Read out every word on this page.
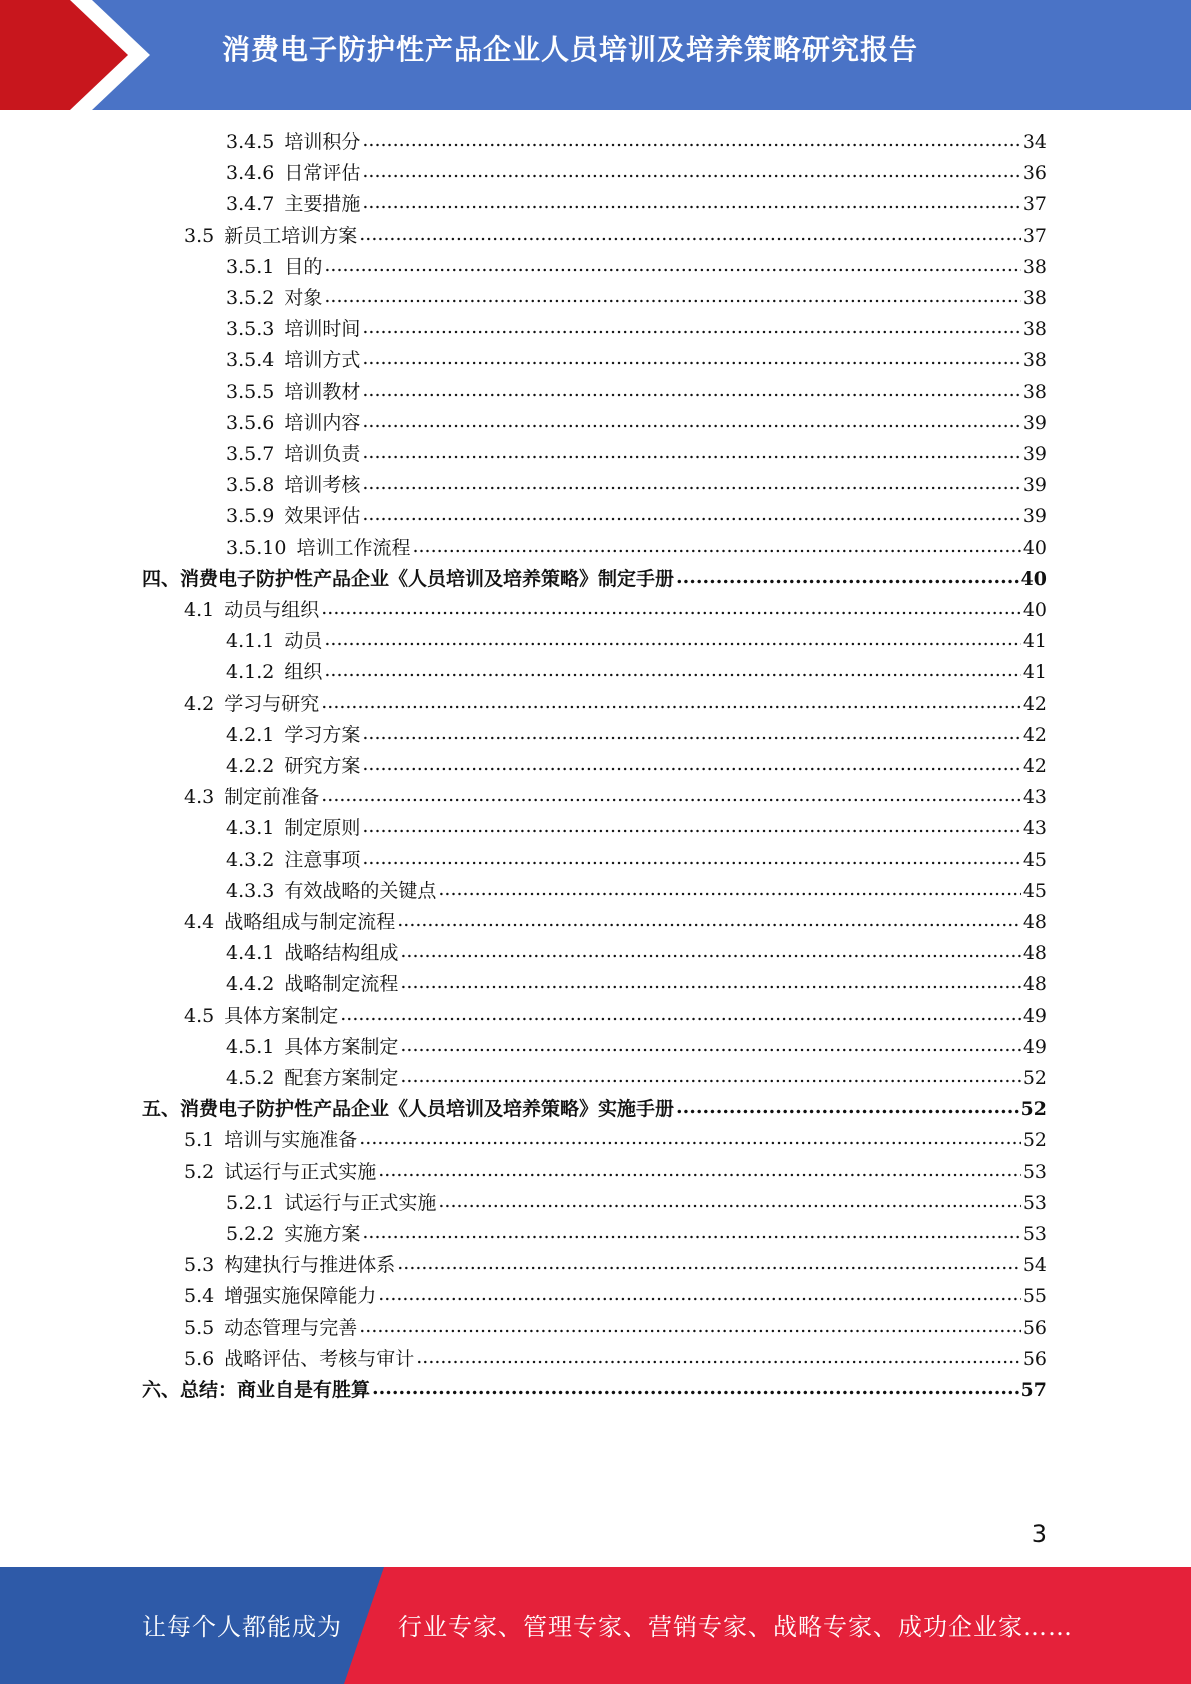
消费电子防护性产品企业人员培训及培养策略研究报告
3.4.5 培训积分 .....	34
3.4.6 日常评估 .....	36
3.4.7 主要措施 .....	37
3.5 新员工培训方案 .....	37
3.5.1 目的 .....	38
3.5.2 对象 .....	38
3.5.3 培训时间 .....	38
3.5.4 培训方式 .....	38
3.5.5 培训教材 .....	38
3.5.6 培训内容 .....	39
3.5.7 培训负责 .....	39
3.5.8 培训考核 .....	39
3.5.9 效果评估 .....	39
3.5.10 培训工作流程 .....	40
四、消费电子防护性产品企业《人员培训及培养策略》制定手册 .....	40
4.1 动员与组织 .....	40
4.1.1 动员 .....	41
4.1.2 组织 .....	41
4.2 学习与研究 .....	42
4.2.1 学习方案 .....	42
4.2.2 研究方案 .....	42
4.3 制定前准备 .....	43
4.3.1 制定原则 .....	43
4.3.2 注意事项 .....	45
4.3.3 有效战略的关键点 .....	45
4.4 战略组成与制定流程 .....	48
4.4.1 战略结构组成 .....	48
4.4.2 战略制定流程 .....	48
4.5 具体方案制定 .....	49
4.5.1 具体方案制定 .....	49
4.5.2 配套方案制定 .....	52
五、消费电子防护性产品企业《人员培训及培养策略》实施手册 .....	52
5.1 培训与实施准备 .....	52
5.2 试运行与正式实施 .....	53
5.2.1 试运行与正式实施 .....	53
5.2.2 实施方案 .....	53
5.3 构建执行与推进体系 .....	54
5.4 增强实施保障能力 .....	55
5.5 动态管理与完善 .....	56
5.6 战略评估、考核与审计 .....	56
六、总结：商业自是有胜算 .....	57
3
让每个人都能成为 行业专家、管理专家、营销专家、战略专家、成功企业家……
